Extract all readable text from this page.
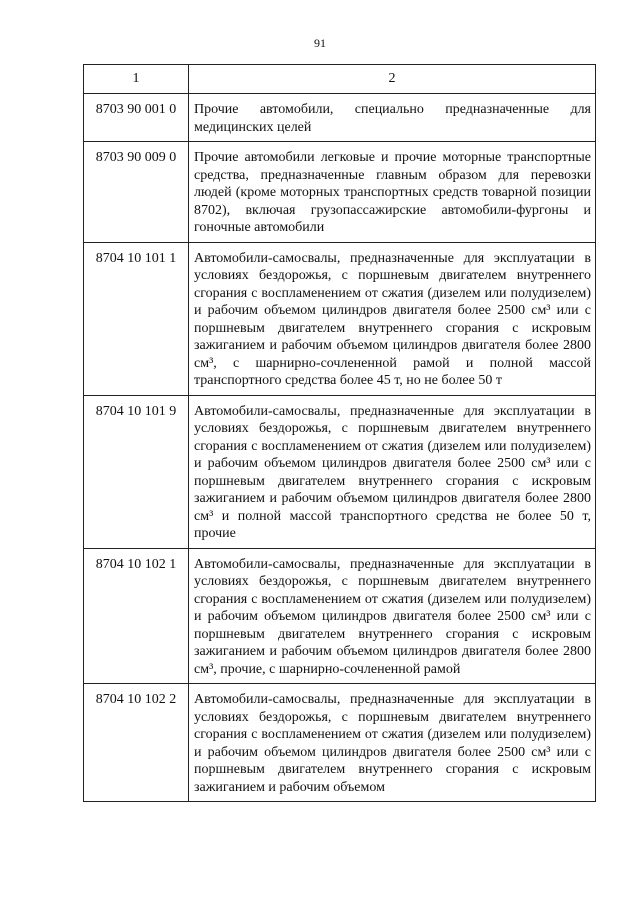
91
1	2
8703 90 001 0	Прочие автомобили, специально предназначенные для медицинских целей
8703 90 009 0	Прочие автомобили легковые и прочие моторные транспортные средства, предназначенные главным образом для перевозки людей (кроме моторных транспортных средств товарной позиции 8702), включая грузопассажирские автомобили-фургоны и гоночные автомобили
8704 10 101 1	Автомобили-самосвалы, предназначенные для эксплуатации в условиях бездорожья, с поршневым двигателем внутреннего сгорания с воспламенением от сжатия (дизелем или полудизелем) и рабочим объемом цилиндров двигателя более 2500 см³ или с поршневым двигателем внутреннего сгорания с искровым зажиганием и рабочим объемом цилиндров двигателя более 2800 см³, с шарнирно-сочлененной рамой и полной массой транспортного средства более 45 т, но не более 50 т
8704 10 101 9	Автомобили-самосвалы, предназначенные для эксплуатации в условиях бездорожья, с поршневым двигателем внутреннего сгорания с воспламенением от сжатия (дизелем или полудизелем) и рабочим объемом цилиндров двигателя более 2500 см³ или с поршневым двигателем внутреннего сгорания с искровым зажиганием и рабочим объемом цилиндров двигателя более 2800 см³ и полной массой транспортного средства не более 50 т, прочие
8704 10 102 1	Автомобили-самосвалы, предназначенные для эксплуатации в условиях бездорожья, с поршневым двигателем внутреннего сгорания с воспламенением от сжатия (дизелем или полудизелем) и рабочим объемом цилиндров двигателя более 2500 см³ или с поршневым двигателем внутреннего сгорания с искровым зажиганием и рабочим объемом цилиндров двигателя более 2800 см³, прочие, с шарнирно-сочлененной рамой
8704 10 102 2	Автомобили-самосвалы, предназначенные для эксплуатации в условиях бездорожья, с поршневым двигателем внутреннего сгорания с воспламенением от сжатия (дизелем или полудизелем) и рабочим объемом цилиндров двигателя более 2500 см³ или с поршневым двигателем внутреннего сгорания с искровым зажиганием и рабочим объемом
